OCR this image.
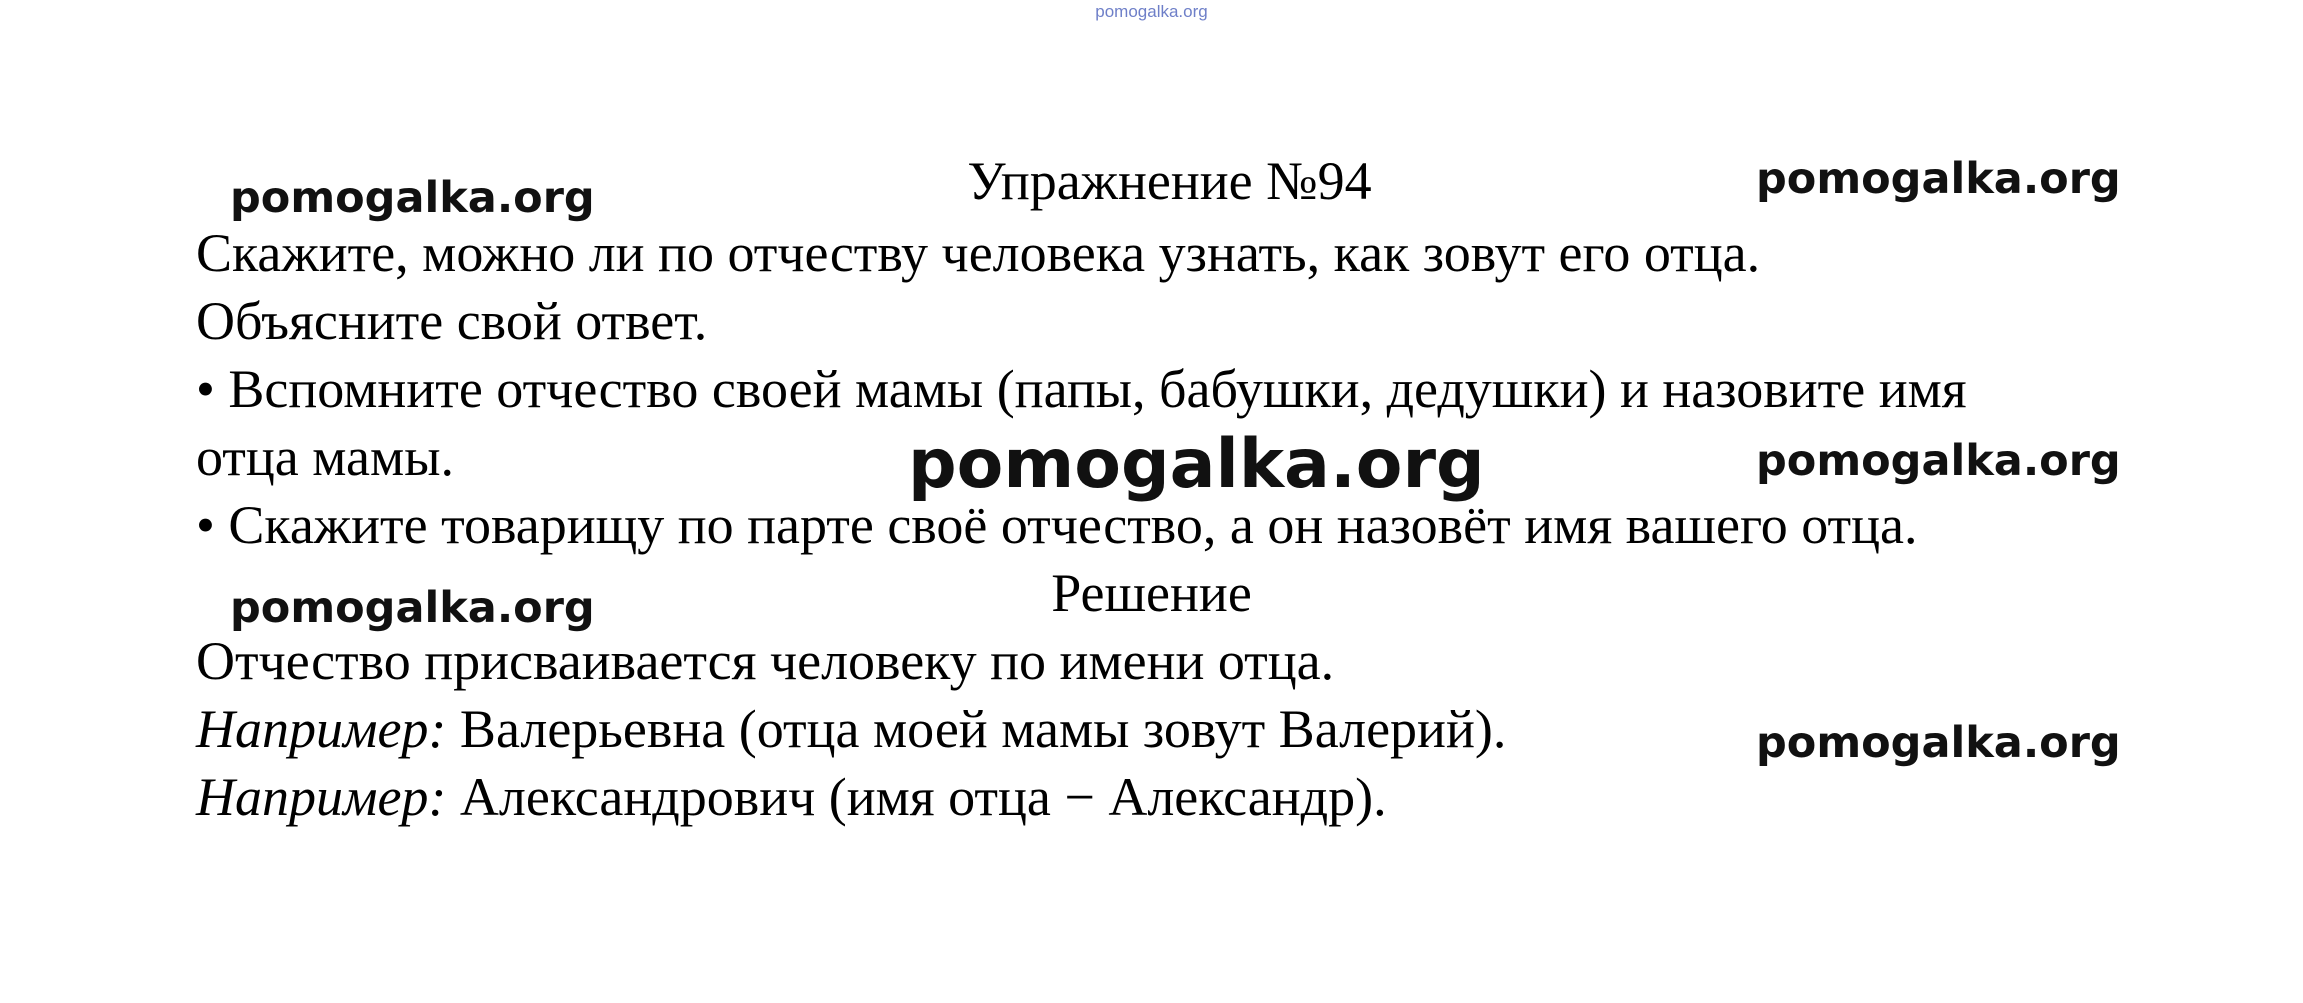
pomogalka.org
Упражнение №94
pomogalka.org	pomogalka.org
Скажите, можно ли по отчеству человека узнать, как зовут его отца.
Объясните свой ответ.
• Вспомните отчество своей мамы (папы, бабушки, дедушки) и назовите имя
отца мамы.	pomogalka.org	pomogalka.org
• Скажите товарищу по парте своё отчество, а он назовёт имя вашего отца.
Решение
pomogalka.org
Отчество присваивается человеку по имени отца.
Например: Валерьевна (отца моей мамы зовут Валерий).	pomogalka.org
Например: Александрович (имя отца − Александр).
